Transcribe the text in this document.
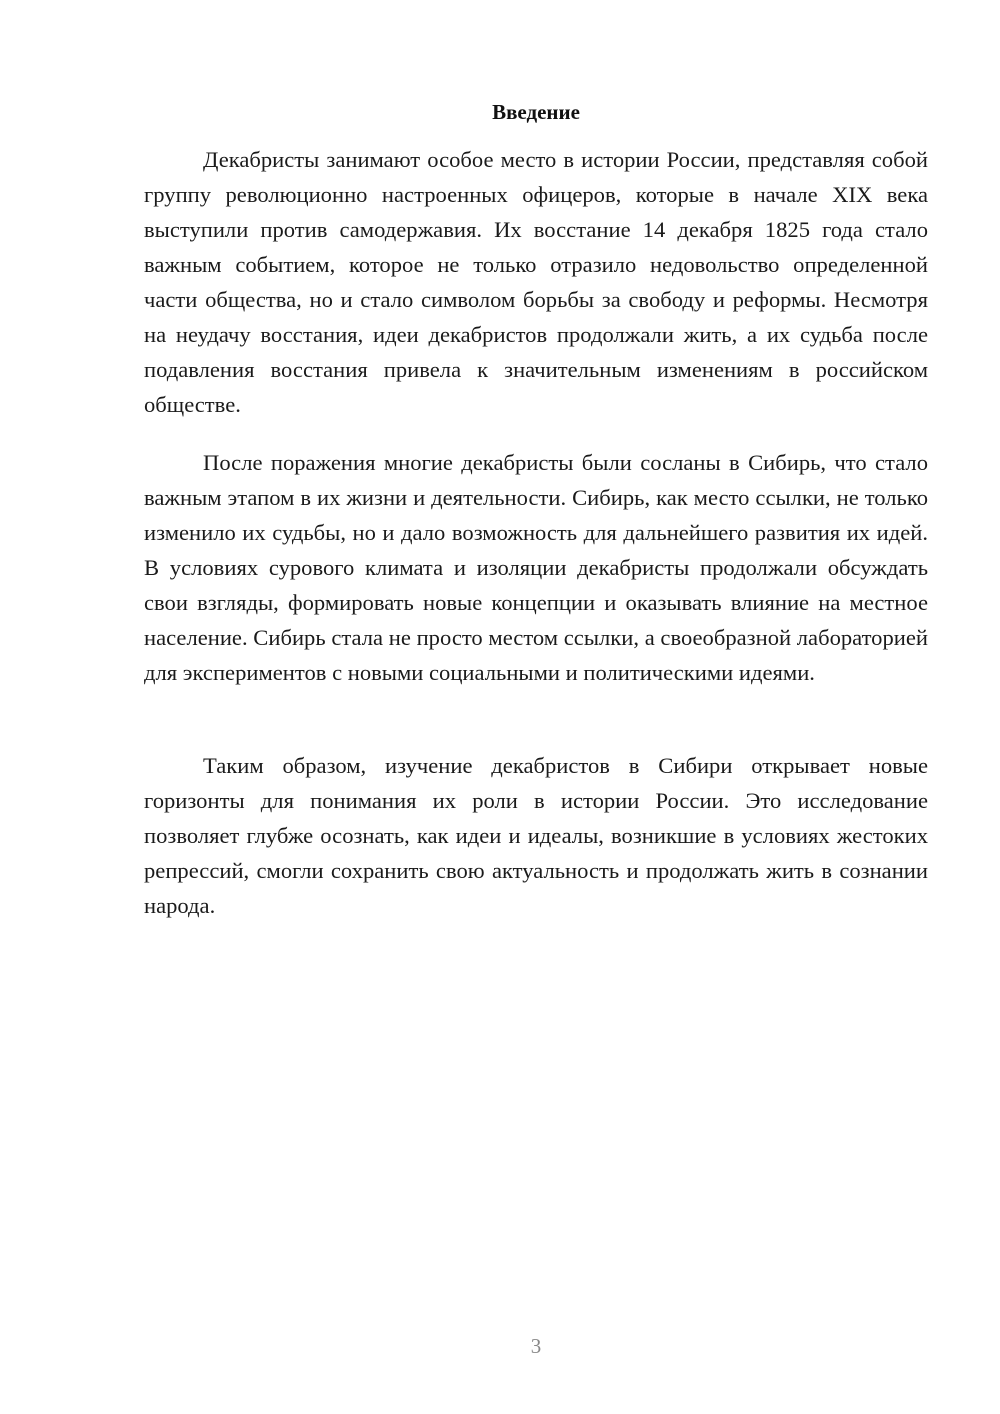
Введение

Декабристы занимают особое место в истории России, представляя собой группу революционно настроенных офицеров, которые в начале XIX века выступили против самодержавия. Их восстание 14 декабря 1825 года стало важным событием, которое не только отразило недовольство определенной части общества, но и стало символом борьбы за свободу и реформы. Несмотря на неудачу восстания, идеи декабристов продолжали жить, а их судьба после подавления восстания привела к значительным изменениям в российском обществе.

После поражения многие декабристы были сосланы в Сибирь, что стало важным этапом в их жизни и деятельности. Сибирь, как место ссылки, не только изменило их судьбы, но и дало возможность для дальнейшего развития их идей. В условиях сурового климата и изоляции декабристы продолжали обсуждать свои взгляды, формировать новые концепции и оказывать влияние на местное население. Сибирь стала не просто местом ссылки, а своеобразной лабораторией для экспериментов с новыми социальными и политическими идеями.

Таким образом, изучение декабристов в Сибири открывает новые горизонты для понимания их роли в истории России. Это исследование позволяет глубже осознать, как идеи и идеалы, возникшие в условиях жестоких репрессий, смогли сохранить свою актуальность и продолжать жить в сознании народа.

3
